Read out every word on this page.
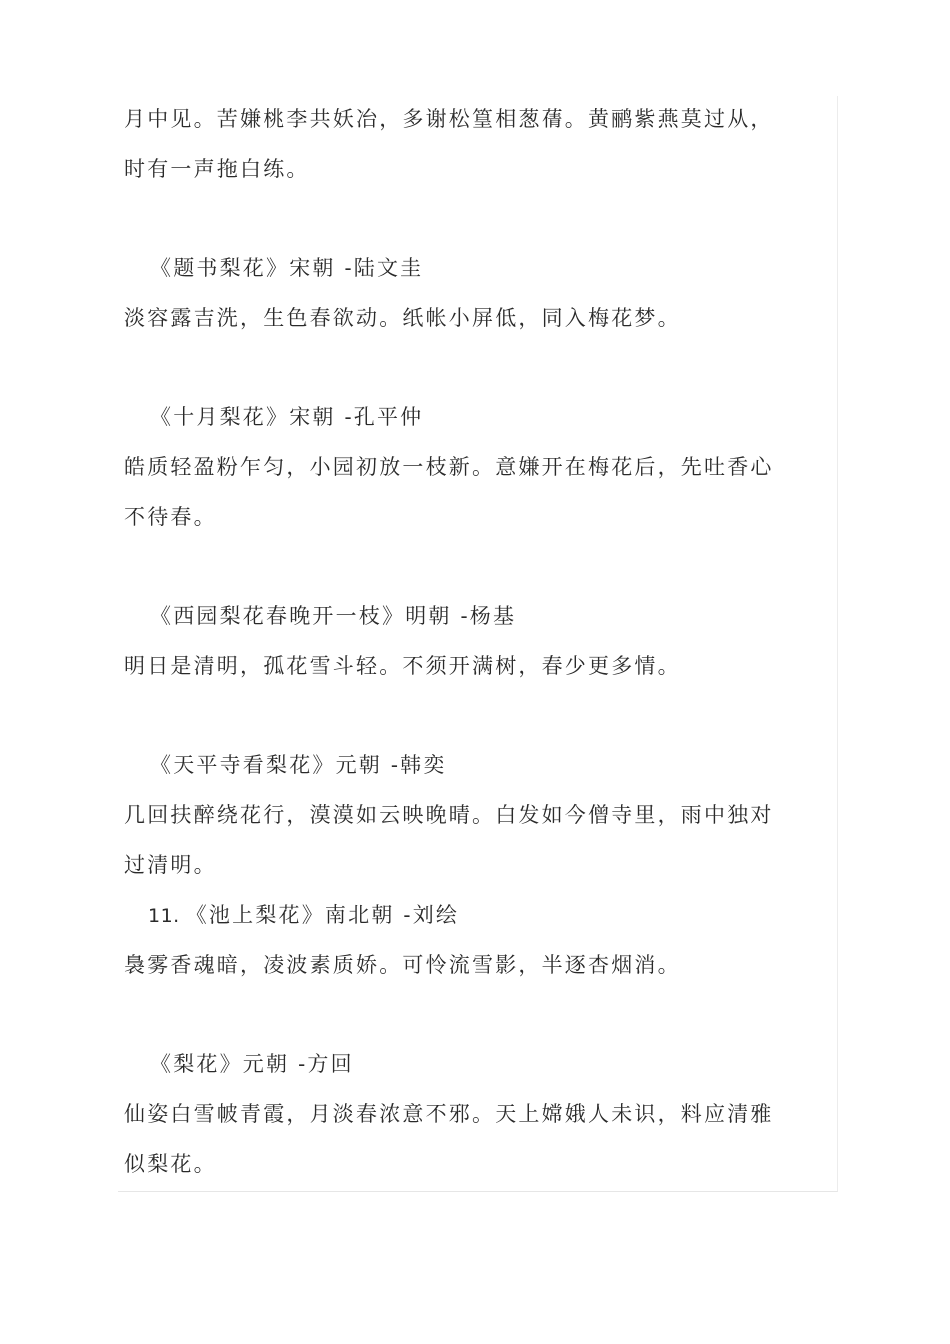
月中见。苦嫌桃李共妖冶，多谢松篁相葱蒨。黄鹂紫燕莫过从，
时有一声拖白练。
《题书梨花》宋朝 -陆文圭
淡容露吉洗，生色春欲动。纸帐小屏低，同入梅花梦。
《十月梨花》宋朝 -孔平仲
皓质轻盈粉乍匀，小园初放一枝新。意嫌开在梅花后，先吐香心
不待春。
《西园梨花春晚开一枝》明朝 -杨基
明日是清明，孤花雪斗轻。不须开满树，春少更多情。
《天平寺看梨花》元朝 -韩奕
几回扶醉绕花行，漠漠如云映晚晴。白发如今僧寺里，雨中独对
过清明。
11. 《池上梨花》南北朝 -刘绘
裊雾香魂暗，凌波素质娇。可怜流雪影，半逐杏烟消。
《梨花》元朝 -方回
仙姿白雪帔青霞，月淡春浓意不邪。天上嫦娥人未识，料应清雅
似梨花。
